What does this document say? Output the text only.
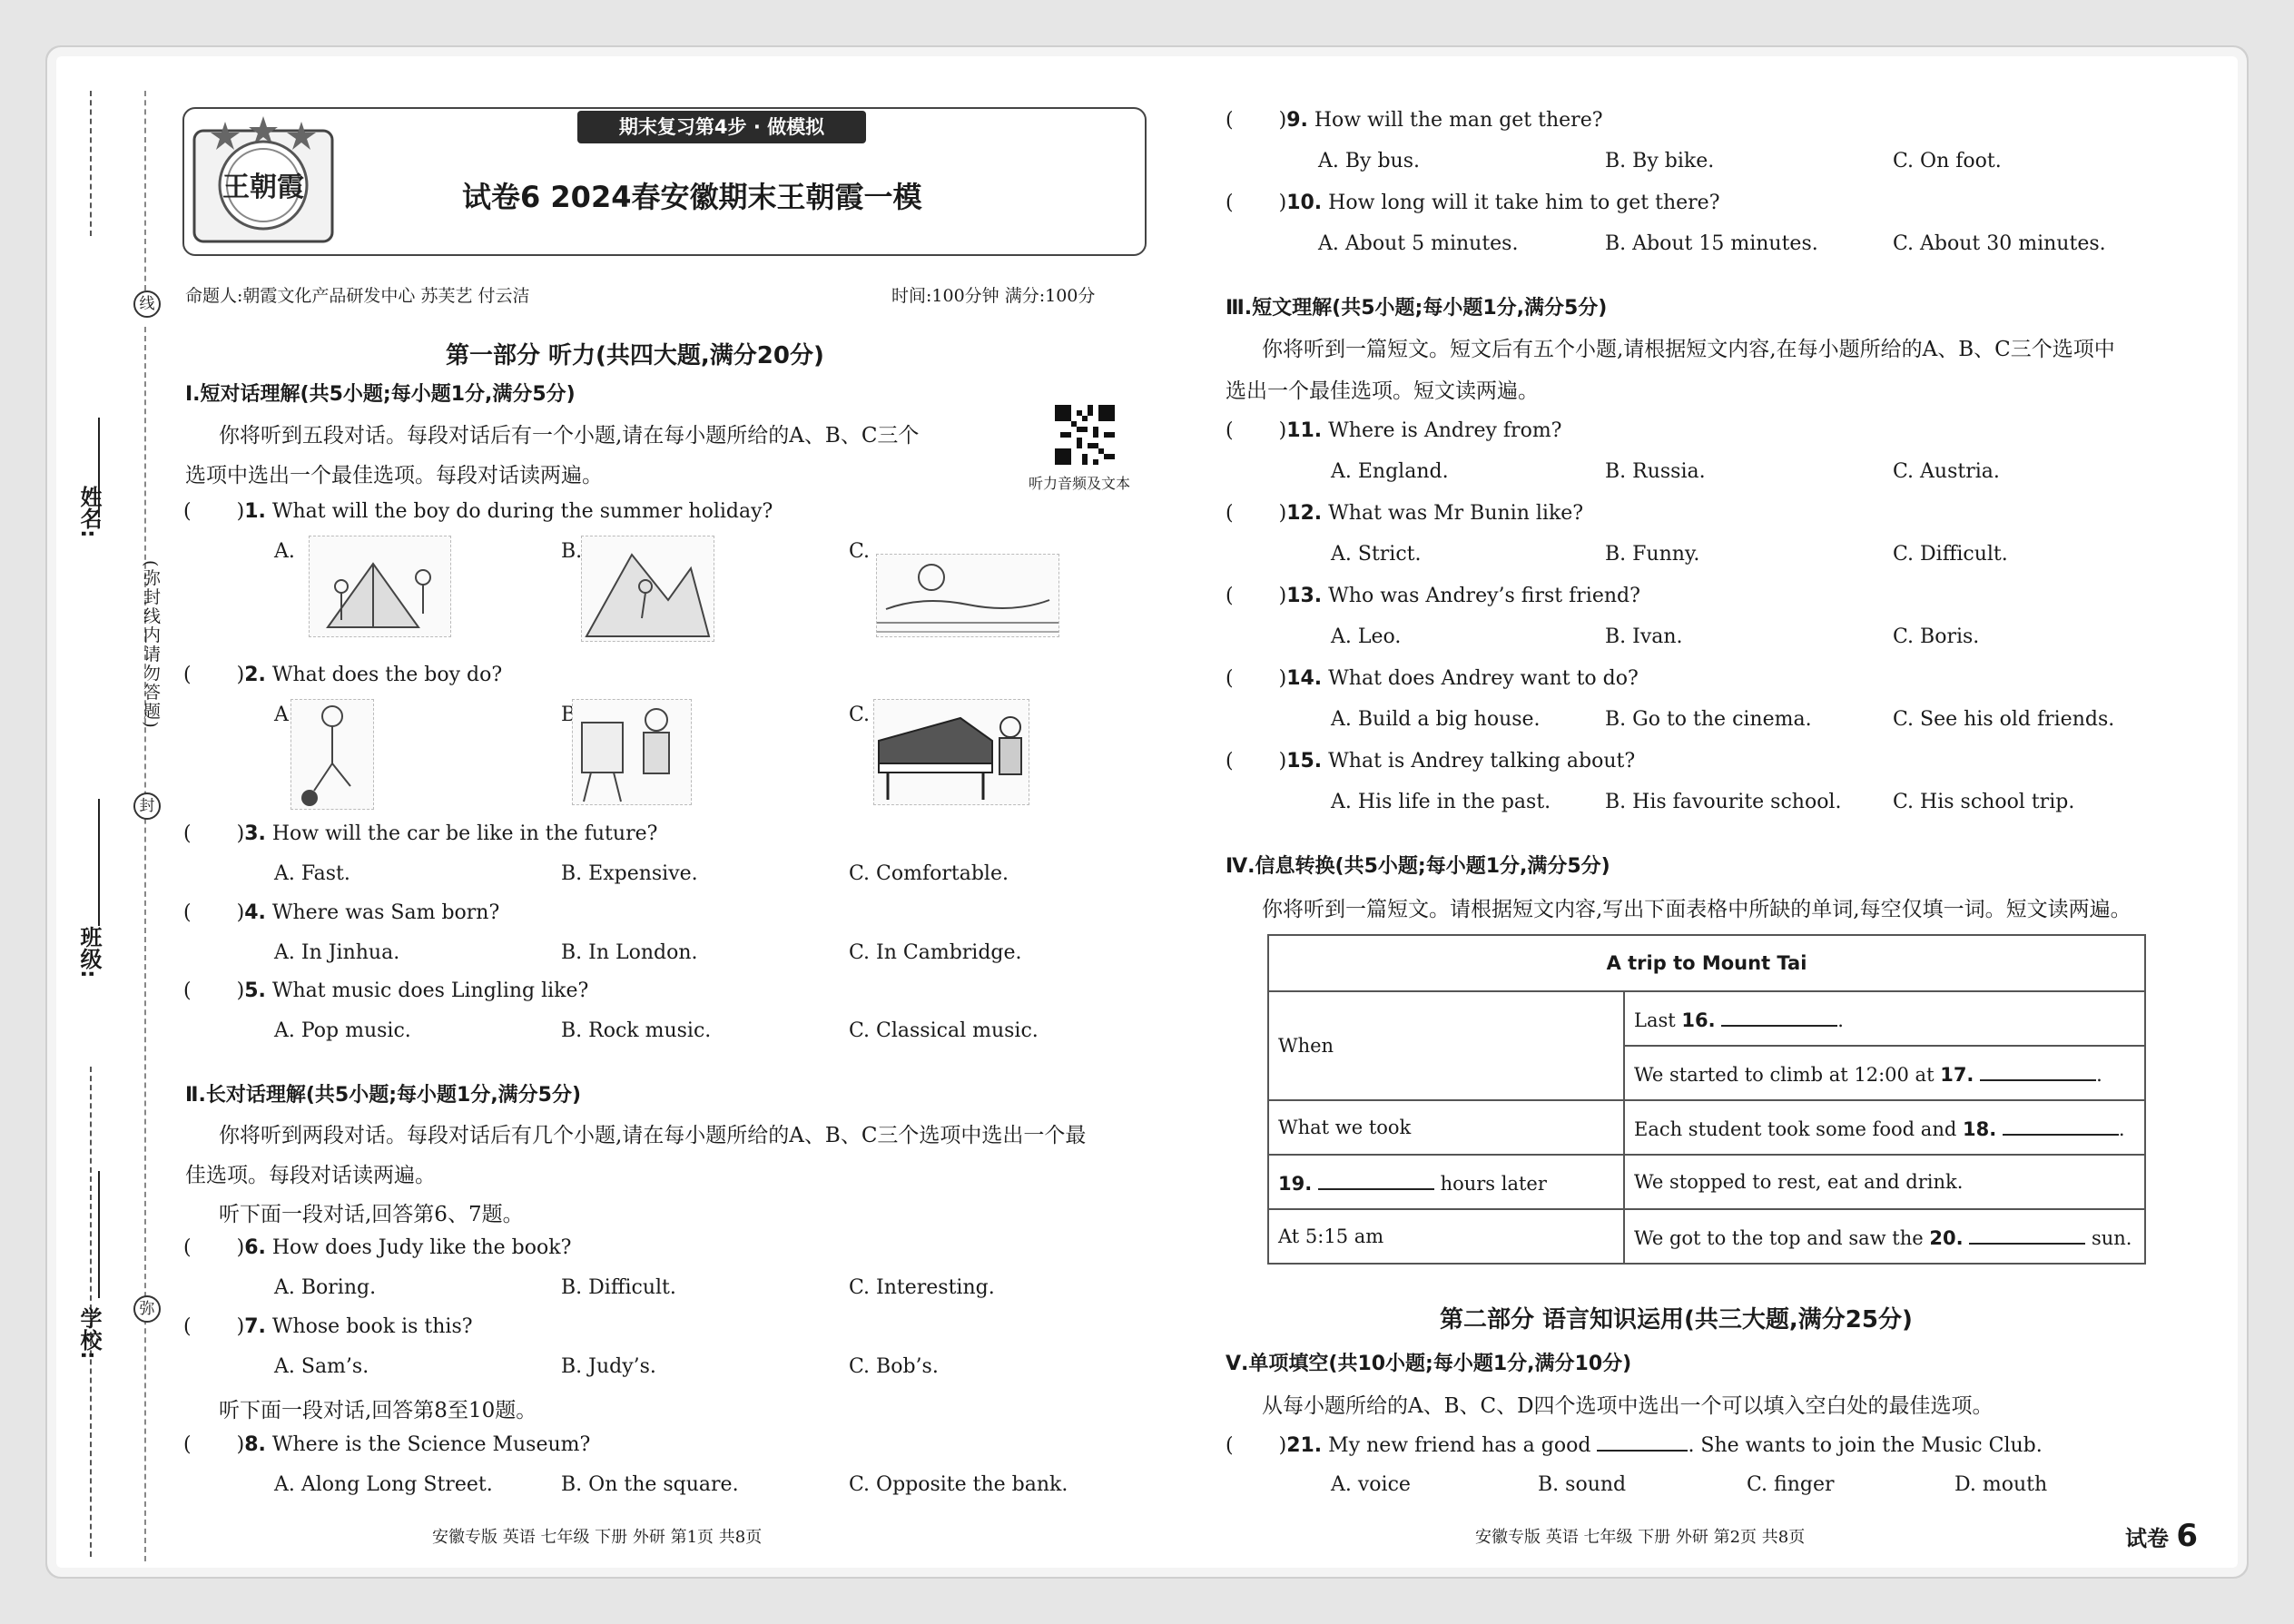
姓名:
班级:
学校:
线
封
弥
(弥封线内请勿答题)
期末复习第4步 · 做模拟
王朝霞	试卷6 2024春安徽期末王朝霞一模
命题人:朝霞文化产品研发中心 苏芙艺 付云洁	时间:100分钟 满分:100分
第一部分 听力(共四大题,满分20分)
Ⅰ.短对话理解(共5小题;每小题1分,满分5分)
你将听到五段对话。每段对话后有一个小题,请在每小题所给的A、B、C三个
选项中选出一个最佳选项。每段对话读两遍。	听力音频及文本
( )1. What will the boy do during the summer holiday?
A.	B.	C.
( )2. What does the boy do?
A.	B.	C.
( )3. How will the car be like in the future?
A. Fast.	B. Expensive.	C. Comfortable.
( )4. Where was Sam born?
A. In Jinhua.	B. In London.	C. In Cambridge.
( )5. What music does Lingling like?
A. Pop music.	B. Rock music.	C. Classical music.
Ⅱ.长对话理解(共5小题;每小题1分,满分5分)
你将听到两段对话。每段对话后有几个小题,请在每小题所给的A、B、C三个选项中选出一个最
佳选项。每段对话读两遍。
听下面一段对话,回答第6、7题。
( )6. How does Judy like the book?
A. Boring.	B. Difficult.	C. Interesting.
( )7. Whose book is this?
A. Sam’s.	B. Judy’s.	C. Bob’s.
听下面一段对话,回答第8至10题。
( )8. Where is the Science Museum?
A. Along Long Street.	B. On the square.	C. Opposite the bank.
安徽专版 英语 七年级 下册 外研 第1页 共8页
( )9. How will the man get there?
A. By bus.	B. By bike.	C. On foot.
( )10. How long will it take him to get there?
A. About 5 minutes.	B. About 15 minutes.	C. About 30 minutes.
Ⅲ.短文理解(共5小题;每小题1分,满分5分)
你将听到一篇短文。短文后有五个小题,请根据短文内容,在每小题所给的A、B、C三个选项中
选出一个最佳选项。短文读两遍。
( )11. Where is Andrey from?
A. England.	B. Russia.	C. Austria.
( )12. What was Mr Bunin like?
A. Strict.	B. Funny.	C. Difficult.
( )13. Who was Andrey’s first friend?
A. Leo.	B. Ivan.	C. Boris.
( )14. What does Andrey want to do?
A. Build a big house.	B. Go to the cinema.	C. See his old friends.
( )15. What is Andrey talking about?
A. His life in the past.	B. His favourite school.	C. His school trip.
Ⅳ.信息转换(共5小题;每小题1分,满分5分)
你将听到一篇短文。请根据短文内容,写出下面表格中所缺的单词,每空仅填一词。短文读两遍。
A trip to Mount Tai	
When	Last 16. .
	We started to climb at 12:00 at 17. .
What we took	Each student took some food and 18. .
19. hours later	We stopped to rest, eat and drink.
At 5:15 am	We got to the top and saw the 20. sun.
第二部分 语言知识运用(共三大题,满分25分)
Ⅴ.单项填空(共10小题;每小题1分,满分10分)
从每小题所给的A、B、C、D四个选项中选出一个可以填入空白处的最佳选项。
( )21. My new friend has a good	. She wants to join the Music Club.
A. voice	B. sound	C. finger	D. mouth
安徽专版 英语 七年级 下册 外研 第2页 共8页	试卷 6
